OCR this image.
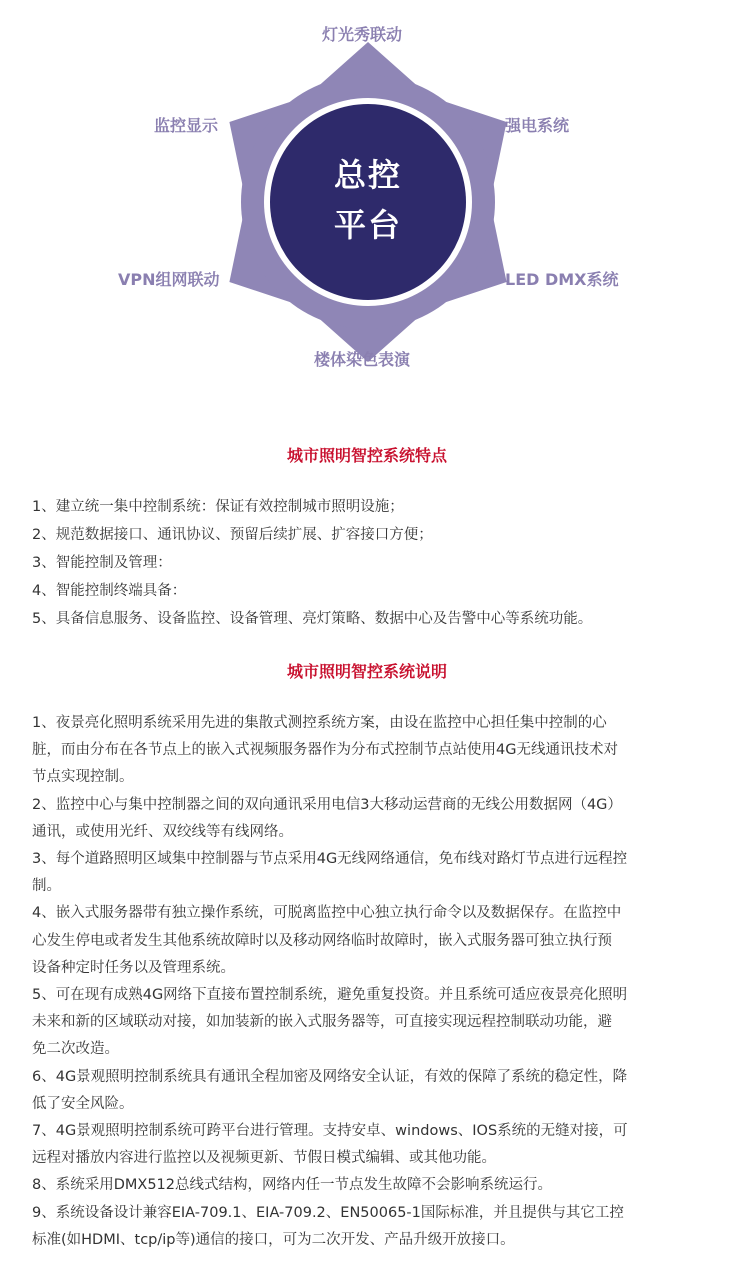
总控
平台
灯光秀联动
监控显示	强电系统
VPN组网联动	LED DMX系统
楼体染色表演
城市照明智控系统特点

1、建立统一集中控制系统：保证有效控制城市照明设施；

2、规范数据接口、通讯协议、预留后续扩展、扩容接口方便；

3、智能控制及管理：

4、智能控制终端具备：

5、具备信息服务、设备监控、设备管理、亮灯策略、数据中心及告警中心等系统功能。

城市照明智控系统说明

1、夜景亮化照明系统采用先进的集散式测控系统方案，由设在监控中心担任集中控制的心

脏，而由分布在各节点上的嵌入式视频服务器作为分布式控制节点站使用4G无线通讯技术对

节点实现控制。

2、监控中心与集中控制器之间的双向通讯采用电信3大移动运营商的无线公用数据网（4G）

通讯，或使用光纤、双绞线等有线网络。

3、每个道路照明区域集中控制器与节点采用4G无线网络通信，免布线对路灯节点进行远程控

制。

4、嵌入式服务器带有独立操作系统，可脱离监控中心独立执行命令以及数据保存。在监控中

心发生停电或者发生其他系统故障时以及移动网络临时故障时，嵌入式服务器可独立执行预

设备种定时任务以及管理系统。

5、可在现有成熟4G网络下直接布置控制系统，避免重复投资。并且系统可适应夜景亮化照明

未来和新的区域联动对接，如加装新的嵌入式服务器等，可直接实现远程控制联动功能，避

免二次改造。

6、4G景观照明控制系统具有通讯全程加密及网络安全认证，有效的保障了系统的稳定性，降

低了安全风险。

7、4G景观照明控制系统可跨平台进行管理。支持安卓、windows、IOS系统的无缝对接，可

远程对播放内容进行监控以及视频更新、节假日模式编辑、或其他功能。

8、系统采用DMX512总线式结构，网络内任一节点发生故障不会影响系统运行。

9、系统设备设计兼容EIA-709.1、EIA-709.2、EN50065-1国际标准，并且提供与其它工控

标准(如HDMI、tcp/ip等)通信的接口，可为二次开发、产品升级开放接口。
